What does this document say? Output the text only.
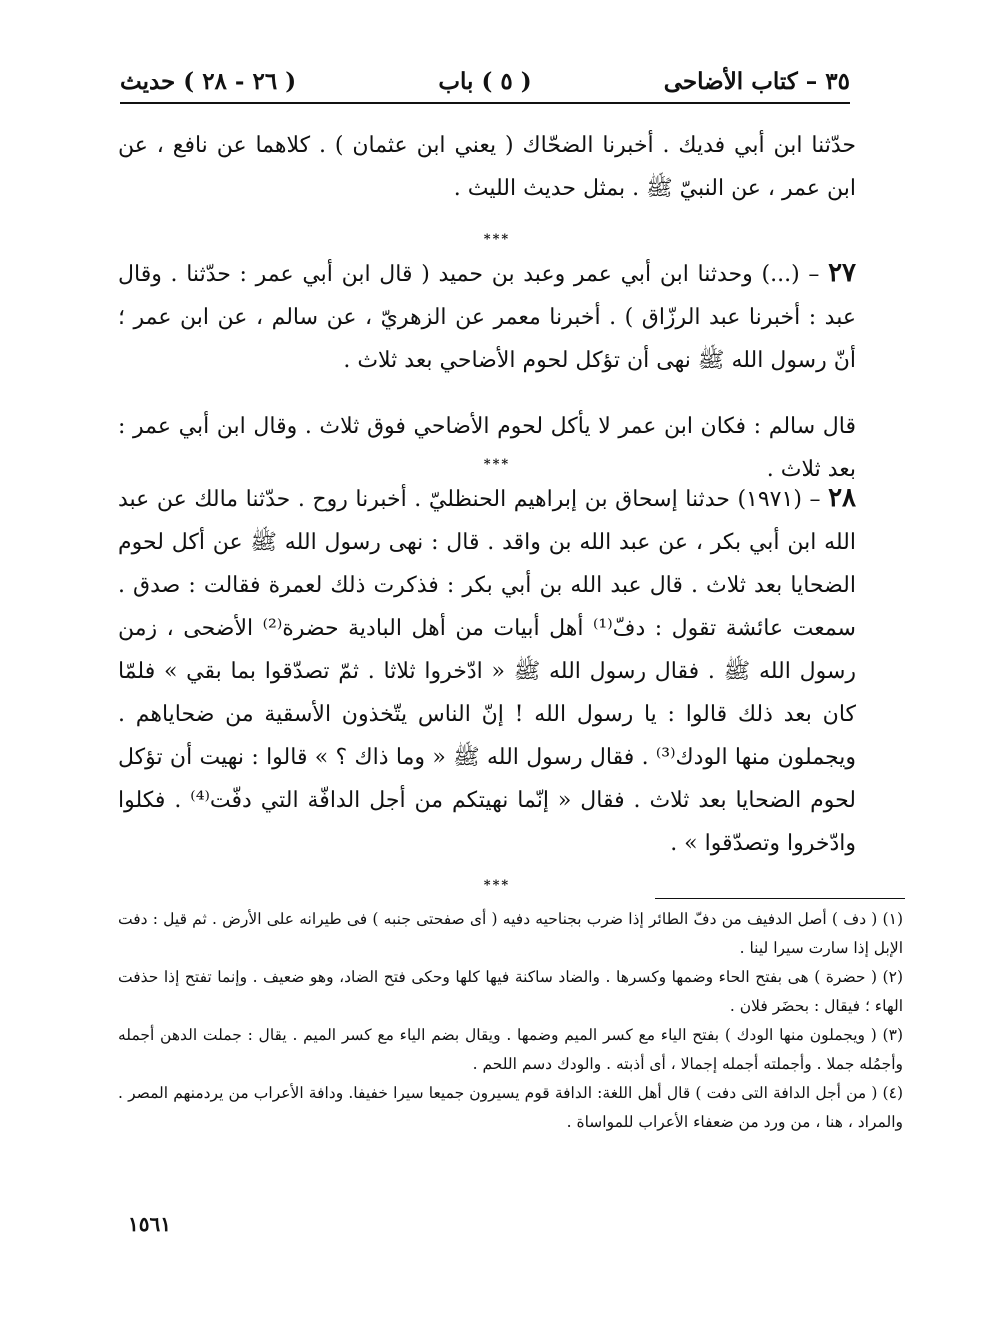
٣٥ – كتاب الأضاحى
( ٥ ) باب
( ٢٦ - ٢٨ ) حديث

حدّثنا ابن أبي فديك . أخبرنا الضحّاك ( يعني ابن عثمان ) . كلاهما عن نافع ، عن ابن عمر ، عن النبيّ ﷺ . بمثل حديث الليث .

***

٢٧ – (...) وحدثنا ابن أبي عمر وعبد بن حميد ( قال ابن أبي عمر : حدّثنا . وقال عبد : أخبرنا عبد الرزّاق ) . أخبرنا معمر عن الزهريّ ، عن سالم ، عن ابن عمر ؛ أنّ رسول الله ﷺ نهى أن تؤكل لحوم الأضاحي بعد ثلاث .

قال سالم : فكان ابن عمر لا يأكل لحوم الأضاحي فوق ثلاث . وقال ابن أبي عمر : بعد ثلاث .

***

٢٨ – (١٩٧١) حدثنا إسحاق بن إبراهيم الحنظليّ . أخبرنا روح . حدّثنا مالك عن عبد الله ابن أبي بكر ، عن عبد الله بن واقد . قال : نهى رسول الله ﷺ عن أكل لحوم الضحايا بعد ثلاث . قال عبد الله بن أبي بكر : فذكرت ذلك لعمرة فقالت : صدق . سمعت عائشة تقول : دفّ⁽¹⁾ أهل أبيات من أهل البادية حضرة⁽²⁾ الأضحى ، زمن رسول الله ﷺ . فقال رسول الله ﷺ « ادّخروا ثلاثا . ثمّ تصدّقوا بما بقي » فلمّا كان بعد ذلك قالوا : يا رسول الله ! إنّ الناس يتّخذون الأسقية من ضحاياهم . ويجملون منها الودك⁽³⁾ . فقال رسول الله ﷺ « وما ذاك ؟ » قالوا : نهيت أن تؤكل لحوم الضحايا بعد ثلاث . فقال « إنّما نهيتكم من أجل الدافّة التي دفّت⁽⁴⁾ . فكلوا وادّخروا وتصدّقوا » .

***

(١) ( دف ) أصل الدفيف من دفّ الطائر إذا ضرب بجناحيه دفيه ( أى صفحتى جنبه ) فى طيرانه على الأرض . ثم قيل : دفت الإبل إذا سارت سيرا لينا .

(٢) ( حضرة ) هى بفتح الحاء وضمها وكسرها . والضاد ساكنة فيها كلها وحكى فتح الضاد، وهو ضعيف . وإنما تفتح إذا حذفت الهاء ؛ فيقال : بحضَر فلان .

(٣) ( ويجملون منها الودك ) بفتح الياء مع كسر الميم وضمها . ويقال بضم الياء مع كسر الميم . يقال : جملت الدهن أجمله وأجمُله جملا . وأجملته أجمله إجمالا ، أى أذبته . والودك دسم اللحم .

(٤) ( من أجل الدافة التى دفت ) قال أهل اللغة: الدافة قوم يسيرون جميعا سيرا خفيفا. ودافة الأعراب من يردمنهم المصر . والمراد ، هنا ، من ورد من ضعفاء الأعراب للمواساة .

١٥٦١
